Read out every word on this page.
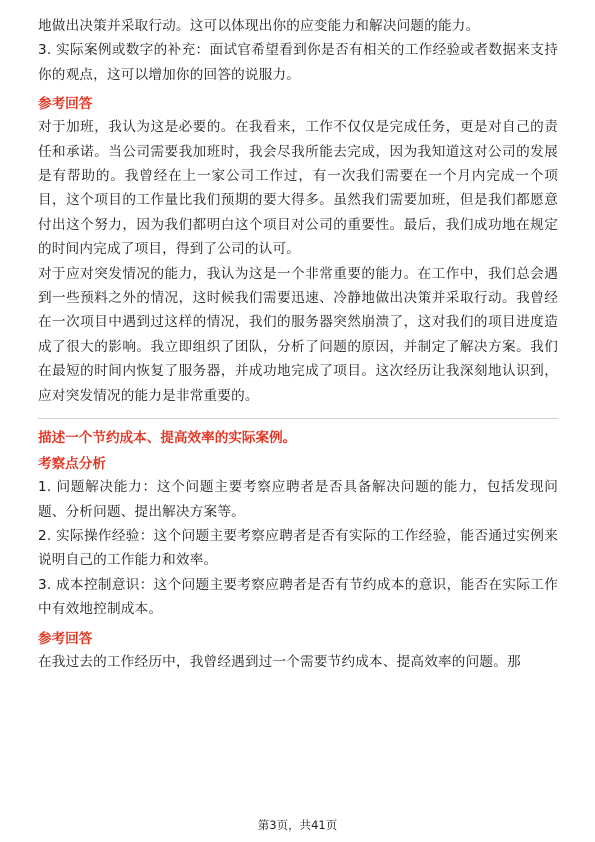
地做出决策并采取行动。这可以体现出你的应变能力和解决问题的能力。

3. 实际案例或数字的补充：面试官希望看到你是否有相关的工作经验或者数据来支持你的观点，这可以增加你的回答的说服力。

参考回答

对于加班，我认为这是必要的。在我看来，工作不仅仅是完成任务，更是对自己的责任和承诺。当公司需要我加班时，我会尽我所能去完成，因为我知道这对公司的发展是有帮助的。我曾经在上一家公司工作过，有一次我们需要在一个月内完成一个项目，这个项目的工作量比我们预期的要大得多。虽然我们需要加班，但是我们都愿意付出这个努力，因为我们都明白这个项目对公司的重要性。最后，我们成功地在规定的时间内完成了项目，得到了公司的认可。

对于应对突发情况的能力，我认为这是一个非常重要的能力。在工作中，我们总会遇到一些预料之外的情况，这时候我们需要迅速、冷静地做出决策并采取行动。我曾经在一次项目中遇到过这样的情况，我们的服务器突然崩溃了，这对我们的项目进度造成了很大的影响。我立即组织了团队，分析了问题的原因，并制定了解决方案。我们在最短的时间内恢复了服务器，并成功地完成了项目。这次经历让我深刻地认识到，应对突发情况的能力是非常重要的。

描述一个节约成本、提高效率的实际案例。
考察点分析

1. 问题解决能力：这个问题主要考察应聘者是否具备解决问题的能力，包括发现问题、分析问题、提出解决方案等。

2. 实际操作经验：这个问题主要考察应聘者是否有实际的工作经验，能否通过实例来说明自己的工作能力和效率。

3. 成本控制意识：这个问题主要考察应聘者是否有节约成本的意识，能否在实际工作中有效地控制成本。

参考回答

在我过去的工作经历中，我曾经遇到过一个需要节约成本、提高效率的问题。那

第3页，共41页
